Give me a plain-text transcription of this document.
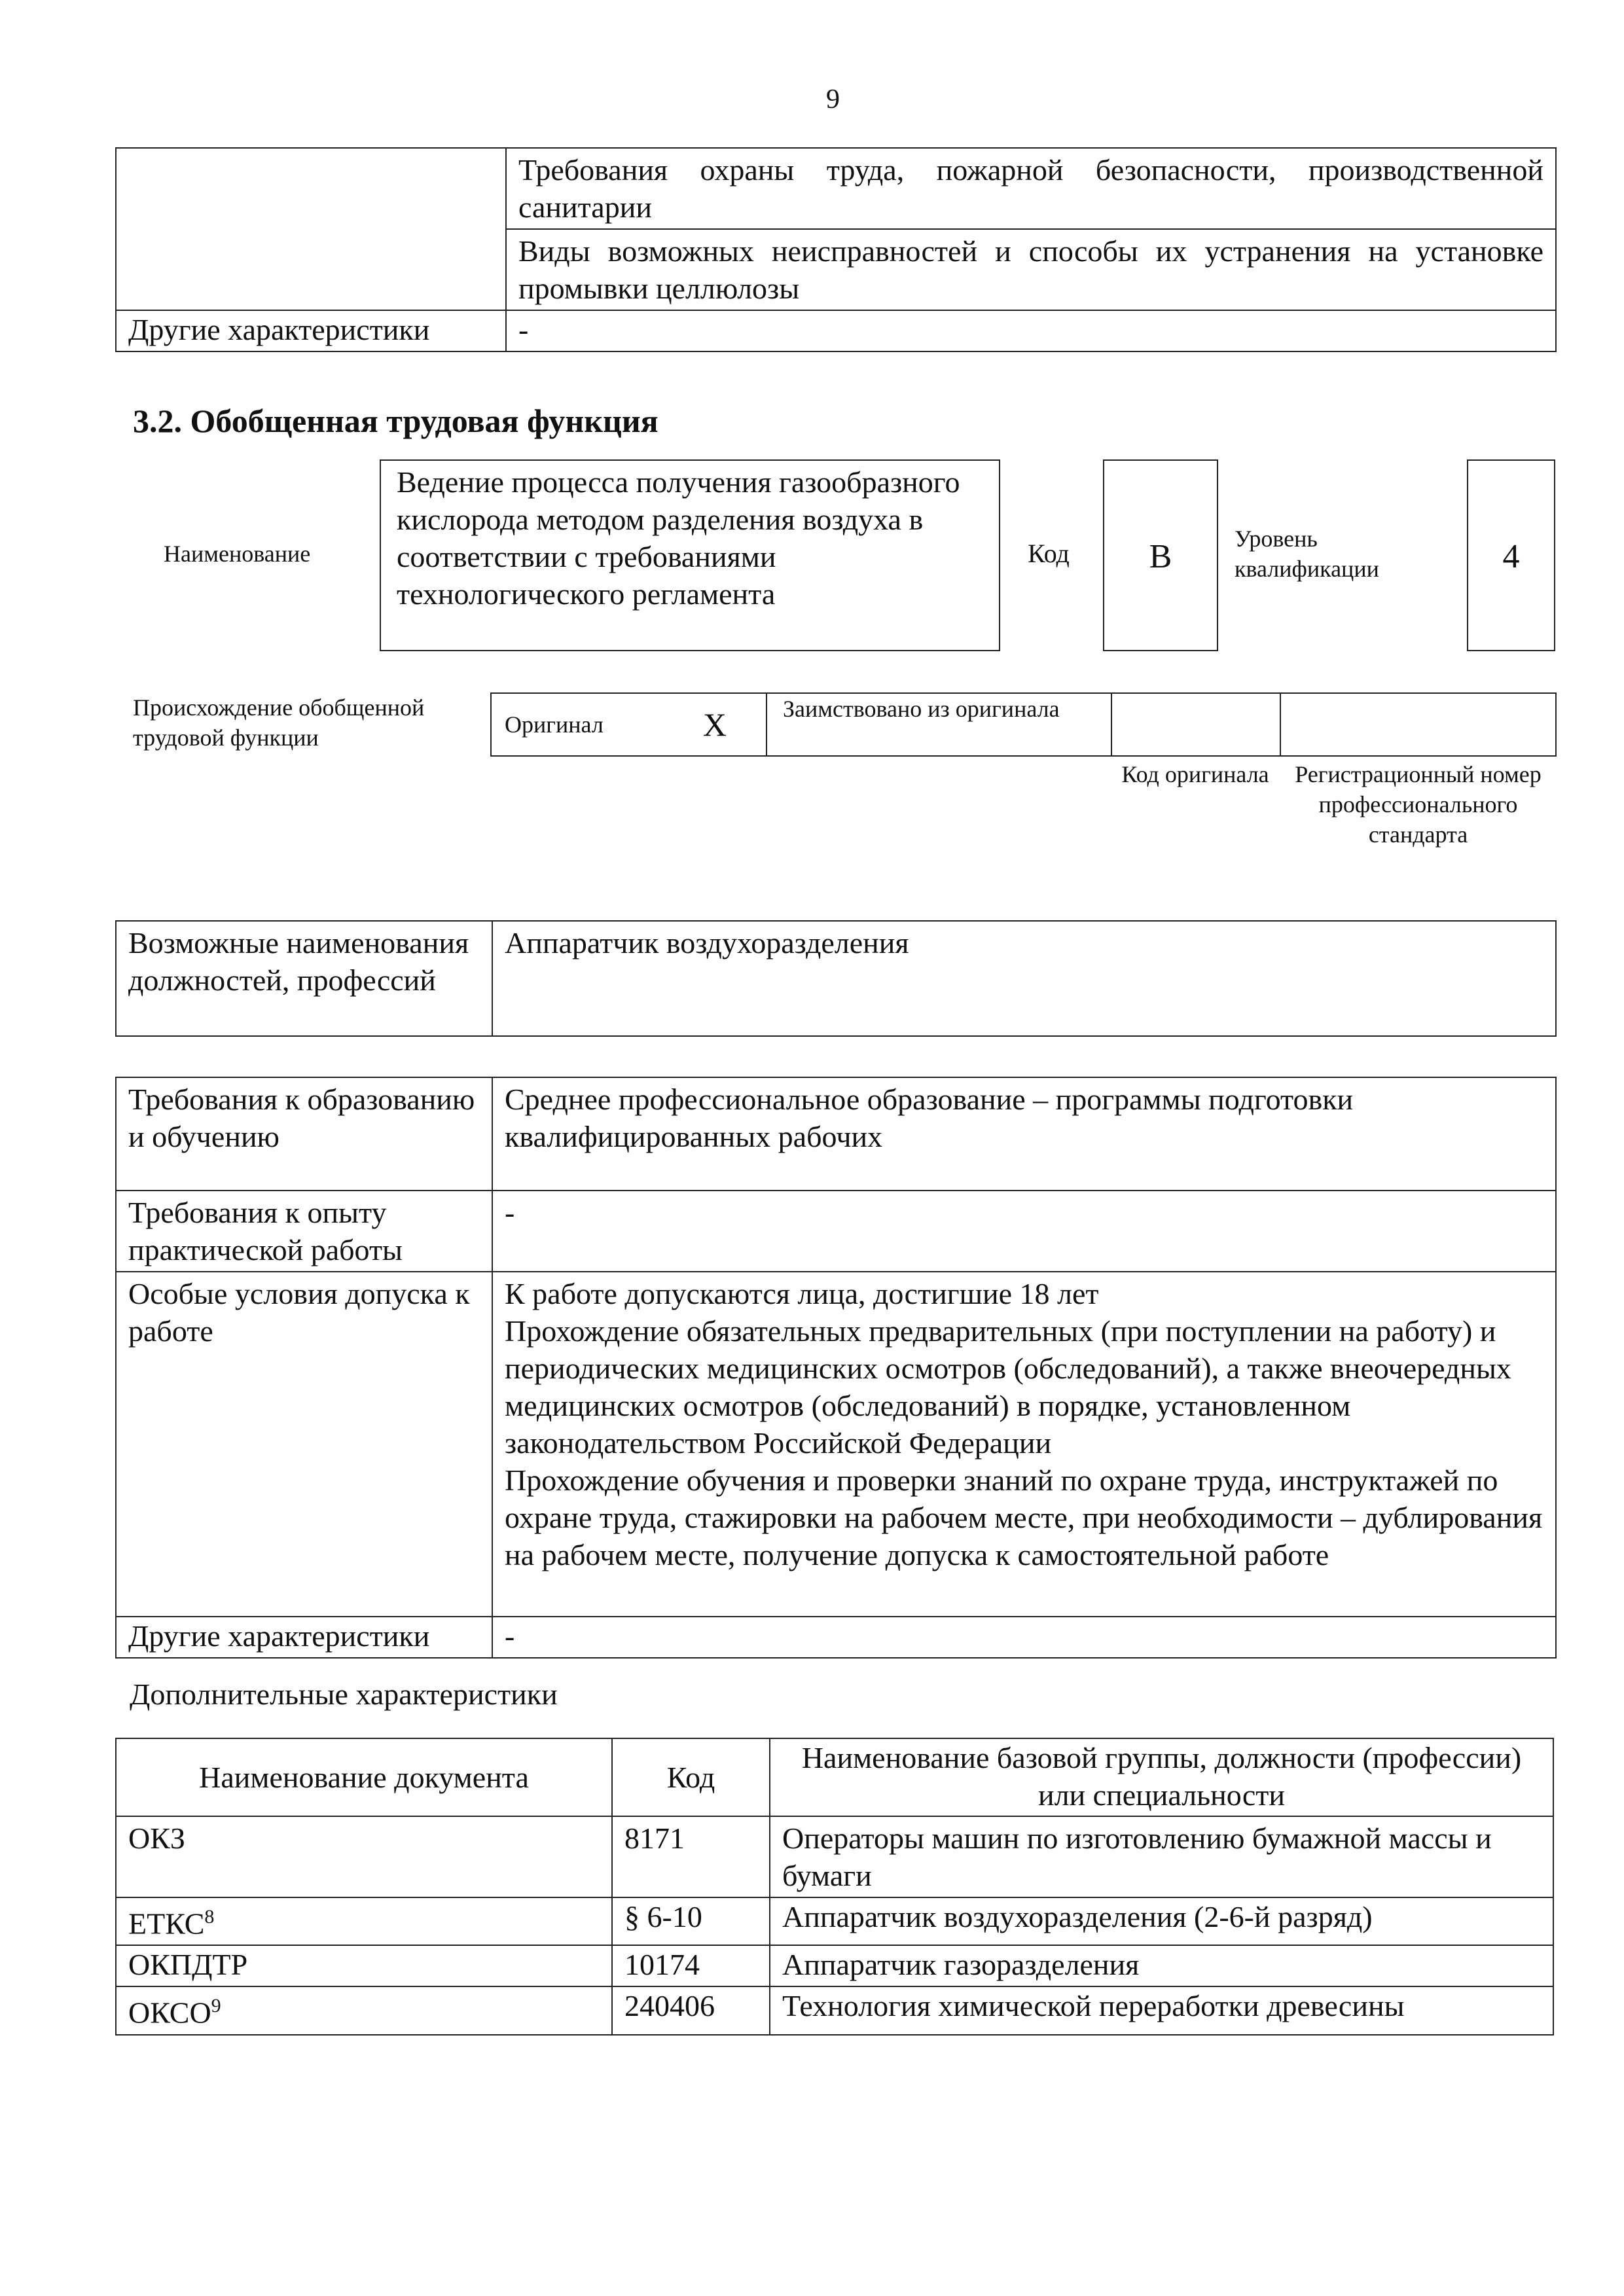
9
	Требования охраны труда, пожарной безопасности, производственной санитарии
	Виды возможных неисправностей и способы их устранения на установке промывки целлюлозы
Другие характеристики	-
3.2. Обобщенная трудовая функция
Наименование
Ведение процесса получения газообразного кислорода методом разделения воздуха в соответствии с требованиями технологического регламента
Код	B	Уровень квалификации	4
Происхождение обобщенной трудовой функции	Оригинал	X	Заимствовано из оригинала		
Код оригинала	Регистрационный номер профессионального стандарта
Возможные наименования должностей, профессий	Аппаратчик воздухоразделения
Требования к образованию и обучению	Среднее профессиональное образование – программы подготовки квалифицированных рабочих
Требования к опыту практической работы	-
Особые условия допуска к работе	К работе допускаются лица, достигшие 18 лет

Прохождение обязательных предварительных (при поступлении на работу) и периодических медицинских осмотров (обследований), а также внеочередных медицинских осмотров (обследований) в порядке, установленном законодательством Российской Федерации

Прохождение обучения и проверки знаний по охране труда, инструктажей по охране труда, стажировки на рабочем месте, при необходимости – дублирования на рабочем месте, получение допуска к самостоятельной работе

Другие характеристики	-
Дополнительные характеристики
Наименование документа	Код	Наименование базовой группы, должности (профессии) или специальности
ОКЗ	8171	Операторы машин по изготовлению бумажной массы и бумаги
ЕТКС$^8$	§ 6-10	Аппаратчик воздухоразделения (2-6-й разряд)
ОКПДТР	10174	Аппаратчик газоразделения
ОКСО$^9$	240406	Технология химической переработки древесины
